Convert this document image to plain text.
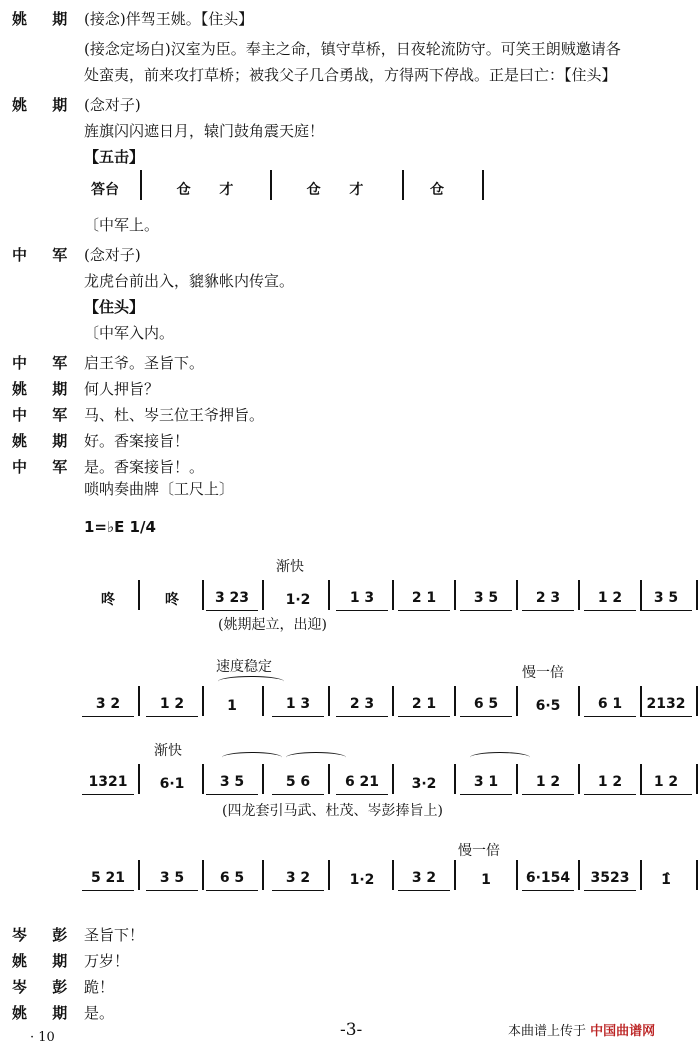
姚 期 (接念)伴驾王姚。【住头】
(接念定场白)汉室为臣。奉主之命，镇守草桥，日夜轮流防守。可笑王朗贼邀请各
处蛮夷，前来攻打草桥；被我父子几合勇战，方得两下停战。正是曰亡：【住头】
姚 期 (念对子)
旌旗闪闪遮日月，辕门鼓角震天庭！
【五击】
〔中军上。
中 军 (念对子)
龙虎台前出入，貔貅帐内传宣。
【住头】
〔中军入内。
中 军 启王爷。圣旨下。
姚 期 何人押旨？
中 军 马、杜、岑三位王爷押旨。
姚 期 好。香案接旨！
中 军 是。香案接旨！。
岑 彭 圣旨下！
姚 期 万岁！
岑 彭 跪！
姚 期 是。
答台	仓 才	仓 才	仓
唢呐奏曲牌〔工尺上〕
1=♭E 1/4
咚	咚	3 23	1·2	1 3	2 1	3 5	2 3	1 2	3 5
3 2	1 2	1	1 3	2 3	2 1	6 5	6·5	6 1	2132
1321	6·1	3 5	5 6	6 21	3·2	3 1	1 2	1 2	1 2
5 21	3 5	6 5	3 2	1·2	3 2	1	6·154	3523	1̂
渐快
(姚期起立，出迎)
速度稳定	慢一倍
渐快
(四龙套引马武、杜茂、岑彭捧旨上)
慢一倍
· 10	-3-	本曲谱上传于 中国曲谱网
